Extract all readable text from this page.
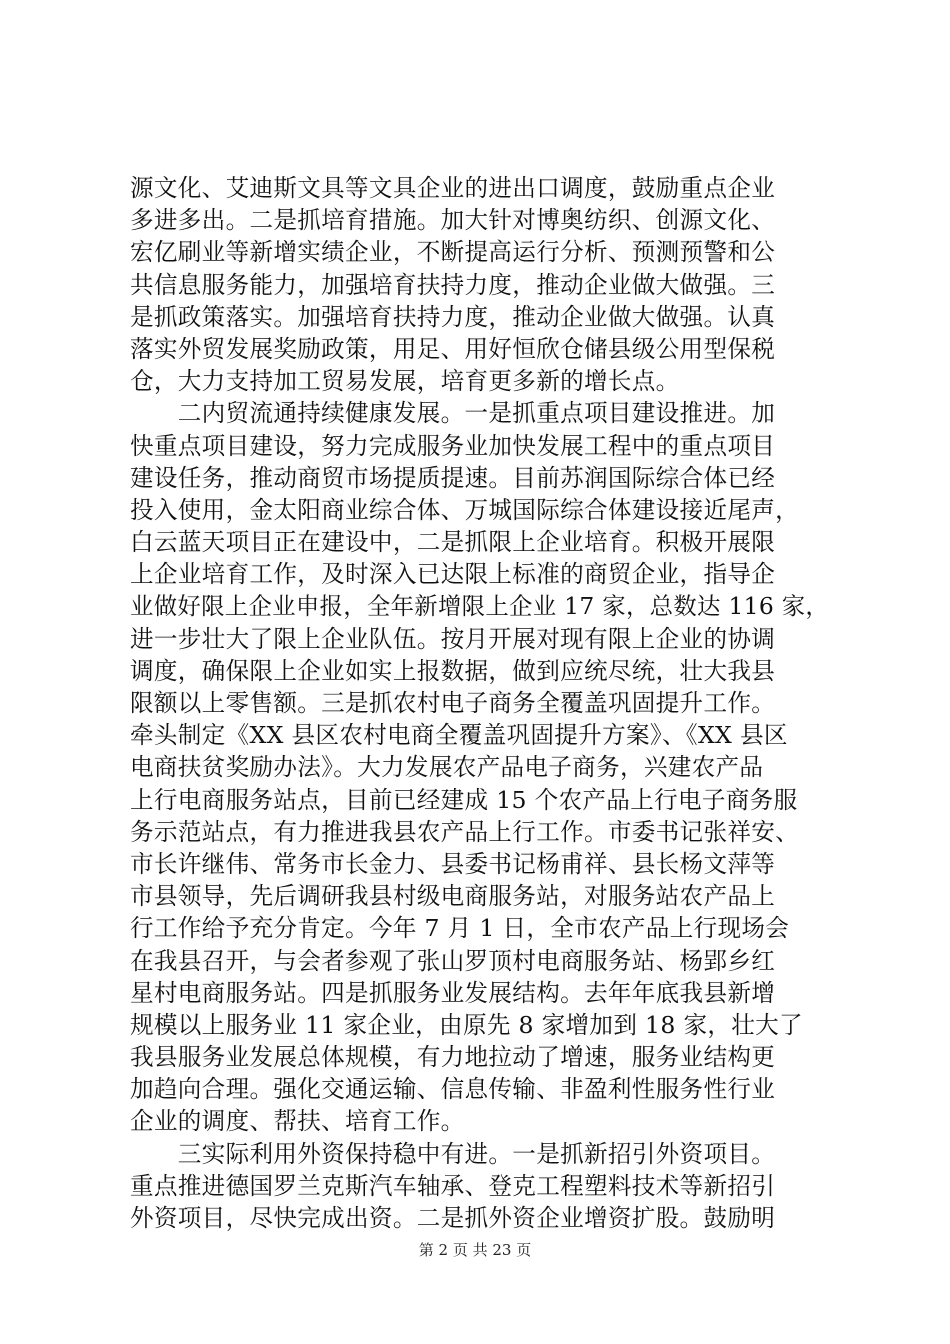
源文化、艾迪斯文具等文具企业的进出口调度，鼓励重点企业
多进多出。二是抓培育措施。加大针对博奥纺织、创源文化、
宏亿刷业等新增实绩企业，不断提高运行分析、预测预警和公
共信息服务能力，加强培育扶持力度，推动企业做大做强。三
是抓政策落实。加强培育扶持力度，推动企业做大做强。认真
落实外贸发展奖励政策，用足、用好恒欣仓储县级公用型保税
仓，大力支持加工贸易发展，培育更多新的增长点。
　　二内贸流通持续健康发展。一是抓重点项目建设推进。加
快重点项目建设，努力完成服务业加快发展工程中的重点项目
建设任务，推动商贸市场提质提速。目前苏润国际综合体已经
投入使用，金太阳商业综合体、万城国际综合体建设接近尾声，
白云蓝天项目正在建设中，二是抓限上企业培育。积极开展限
上企业培育工作，及时深入已达限上标准的商贸企业，指导企
业做好限上企业申报，全年新增限上企业 17 家，总数达 116 家，
进一步壮大了限上企业队伍。按月开展对现有限上企业的协调
调度，确保限上企业如实上报数据，做到应统尽统，壮大我县
限额以上零售额。三是抓农村电子商务全覆盖巩固提升工作。
牵头制定《XX 县区农村电商全覆盖巩固提升方案》、《XX 县区
电商扶贫奖励办法》。大力发展农产品电子商务，兴建农产品
上行电商服务站点，目前已经建成 15 个农产品上行电子商务服
务示范站点，有力推进我县农产品上行工作。市委书记张祥安、
市长许继伟、常务市长金力、县委书记杨甫祥、县长杨文萍等
市县领导，先后调研我县村级电商服务站，对服务站农产品上
行工作给予充分肯定。今年 7 月 1 日，全市农产品上行现场会
在我县召开，与会者参观了张山罗顶村电商服务站、杨郢乡红
星村电商服务站。四是抓服务业发展结构。去年年底我县新增
规模以上服务业 11 家企业，由原先 8 家增加到 18 家，壮大了
我县服务业发展总体规模，有力地拉动了增速，服务业结构更
加趋向合理。强化交通运输、信息传输、非盈利性服务性行业
企业的调度、帮扶、培育工作。
　　三实际利用外资保持稳中有进。一是抓新招引外资项目。
重点推进德国罗兰克斯汽车轴承、登克工程塑料技术等新招引
外资项目，尽快完成出资。二是抓外资企业增资扩股。鼓励明
第 2 页 共 23 页
